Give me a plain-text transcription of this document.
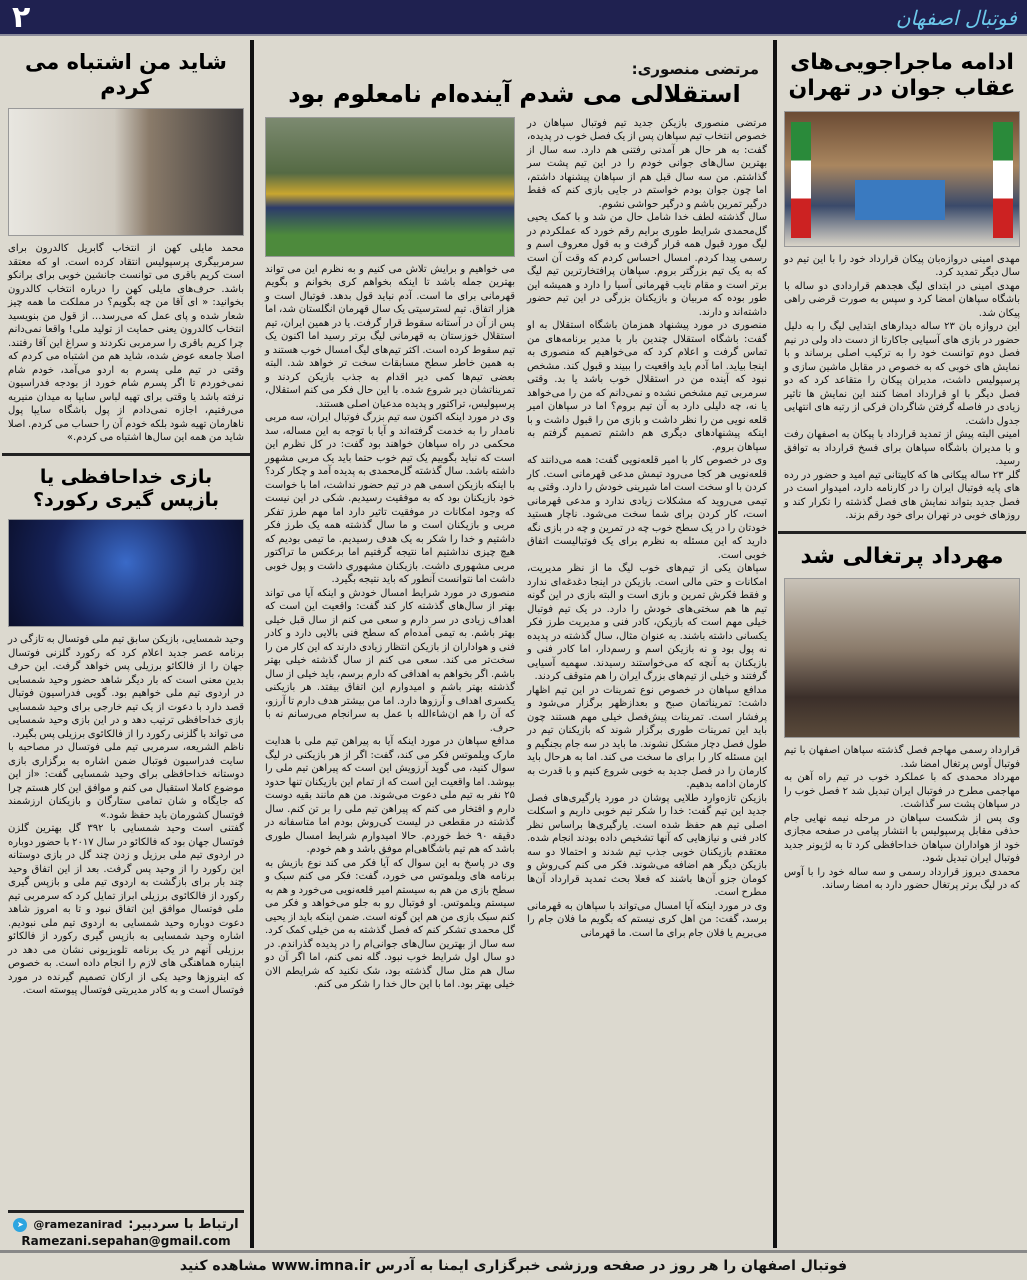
۲	فوتبال اصفهان
ادامه ماجراجویی‌های عقاب جوان در تهران

مهدی امینی دروازه‌بان پیکان قرارداد خود را با این تیم دو سال دیگر تمدید کرد.

مهدی امینی در ابتدای لیگ هجدهم قراردادی دو ساله با باشگاه سپاهان امضا کرد و سپس به صورت قرضی راهی پیکان شد.

این دروازه بان ۲۳ ساله دیدارهای ابتدایی لیگ را به دلیل حضور در بازی های آسیایی جاکارتا از دست داد ولی در نیم فصل دوم توانست خود را به ترکیب اصلی برساند و با نمایش های خوبی که به خصوص در مقابل ماشین سازی و پرسپولیس داشت، مدیران پیکان را متقاعد کرد که دو فصل دیگر با او قرارداد امضا کنند این نمایش ها تاثیر زیادی در فاصله گرفتن شاگردان فرکی از رتبه های انتهایی جدول داشت.

امینی البته پیش از تمدید قرارداد با پیکان به اصفهان رفت و با مدیران باشگاه سپاهان برای فسخ قرارداد به توافق رسید.

گلر ۲۳ ساله پیکانی ها که کاپیتانی تیم امید و حضور در رده های پایه فوتبال ایران را در کارنامه دارد، امیدوار است در فصل جدید بتواند نمایش های فصل گذشته را تکرار کند و روزهای خوبی در تهران برای خود رقم بزند.

مهرداد پرتغالی شد

قرارداد رسمی مهاجم فصل گذشته سپاهان اصفهان با تیم فوتبال آوس پرتغال امضا شد.

مهرداد محمدی که با عملکرد خوب در تیم راه آهن به مهاجمی مطرح در فوتبال ایران تبدیل شد ۲ فصل خوب را در سپاهان پشت سر گذاشت.

وی پس از شکست سپاهان در مرحله نیمه نهایی جام حذفی مقابل پرسپولیس با انتشار پیامی در صفحه مجازی خود از هواداران سپاهان خداحافظی کرد تا به لژیونر جدید فوتبال ایران تبدیل شود.

محمدی دیروز قرارداد رسمی و سه ساله خود را با آوس که در لیگ برتر پرتغال حضور دارد به امضا رساند.

مرتضی منصوری:
استقلالی می شدم آینده‌ام نامعلوم بود

مرتضی منصوری بازیکن جدید تیم فوتبال سپاهان در خصوص انتخاب تیم سپاهان پس از یک فصل خوب در پدیده، گفت: به هر حال هر آمدنی رفتنی هم دارد. سه سال از بهترین سال‌های جوانی خودم را در این تیم پشت سر گذاشتم. من سه سال قبل هم از سپاهان پیشنهاد داشتم، اما چون جوان بودم خواستم در جایی بازی کنم که فقط درگیر تمرین باشم و درگیر حواشی نشوم.

سال گذشته لطف خدا شامل حال من شد و با کمک یحیی گل‌محمدی شرایط طوری برایم رقم خورد که عملکردم در لیگ مورد قبول همه قرار گرفت و به قول معروف اسم و رسمی پیدا کردم. امسال احساس کردم که وقت آن است که به یک تیم بزرگتر بروم. سپاهان پرافتخارترین تیم لیگ برتر است و مقام نایب قهرمانی آسیا را دارد و همیشه این طور بوده که مربیان و بازیکنان بزرگی در این تیم حضور داشته‌اند و دارند.

منصوری در مورد پیشنهاد همزمان باشگاه استقلال به او گفت: باشگاه استقلال چندین بار با مدیر برنامه‌های من تماس گرفت و اعلام کرد که می‌خواهیم که منصوری به اینجا بیاید. اما آدم باید واقعیت را ببیند و قبول کند. مشخص نبود که آینده من در استقلال خوب باشد یا بد. وقتی سرمربی تیم مشخص نشده و نمی‌دانم که من را می‌خواهد یا نه، چه دلیلی دارد به آن تیم بروم؟ اما در سپاهان امیر قلعه نویی من را نظر داشت و بازی من را قبول داشت و با اینکه پیشنهادهای دیگری هم داشتم تصمیم گرفتم به سپاهان بروم.

وی در خصوص کار با امیر قلعه‌نویی گفت: همه می‌دانند که قلعه‌نویی هر کجا می‌رود تیمش مدعی قهرمانی است. کار کردن با او سخت است اما شیرینی خودش را دارد. وقتی به تیمی می‌روید که مشکلات زیادی ندارد و مدعی قهرمانی است، کار کردن برای شما سخت می‌شود. ناچار هستید خودتان را در یک سطح خوب چه در تمرین و چه در بازی نگه دارید که این مسئله به نظرم برای یک فوتبالیست اتفاق خوبی است.

سپاهان یکی از تیم‌های خوب لیگ ما از نظر مدیریت، امکانات و حتی مالی است. بازیکن در اینجا دغدغه‌ای ندارد و فقط فکرش تمرین و بازی است و البته بازی در این گونه تیم ها هم سختی‌های خودش را دارد. در یک تیم فوتبال خیلی مهم است که بازیکن، کادر فنی و مدیریت طرز فکر یکسانی داشته باشند. به عنوان مثال، سال گذشته در پدیده نه پول بود و نه بازیکن اسم و رسم‌دار، اما کادر فنی و بازیکنان به آنچه که می‌خواستند رسیدند. سهمیه آسیایی گرفتند و خیلی از تیم‌های بزرگ ایران را هم متوقف کردند.

مدافع سپاهان در خصوص نوع تمرینات در این تیم اظهار داشت: تمریناتمان صبح و بعدازظهر برگزار می‌شود و پرفشار است. تمرینات پیش‌فصل خیلی مهم هستند چون باید این تمرینات طوری برگزار شوند که بازیکنان تیم در طول فصل دچار مشکل نشوند. ما باید در سه جام بجنگیم و این مسئله کار را برای ما سخت می کند. اما به هرحال باید کارمان را در فصل جدید به خوبی شروع کنیم و با قدرت به کارمان ادامه بدهیم.

بازیکن تازه‌وارد طلایی پوشان در مورد یارگیری‌های فصل جدید این تیم گفت: خدا را شکر تیم خوبی داریم و اسکلت اصلی تیم هم حفظ شده است. یارگیری‌ها براساس نظر کادر فنی و نیازهایی که آنها تشخیص داده بودند انجام شده. معتقدم بازیکنان خوبی جذب تیم شدند و احتمالا دو سه بازیکن دیگر هم اضافه می‌شوند. فکر می کنم کی‌روش و کومان جزو آن‌ها باشند که فعلا بحث تمدید قرارداد آن‌ها مطرح است.

وی در مورد اینکه آیا امسال می‌تواند با سپاهان به قهرمانی برسد، گفت: من اهل کری نیستم که بگویم ما فلان جام را می‌بریم یا فلان جام برای ما است. ما قهرمانی

می خواهیم و برایش تلاش می کنیم و به نظرم این می تواند بهترین جمله باشد تا اینکه بخواهم کری بخوانم و بگویم قهرمانی برای ما است. آدم نباید قول بدهد. فوتبال است و هزار اتفاق. تیم لسترسیتی یک سال قهرمان انگلستان شد، اما پس از آن در آستانه سقوط قرار گرفت. یا در همین ایران، تیم استقلال خوزستان به قهرمانی لیگ برتر رسید اما اکنون یک تیم سقوط کرده است. اکثر تیم‌های لیگ امسال خوب هستند و به همین خاطر سطح مسابقات سخت تر خواهد شد. البته بعضی تیم‌ها کمی دیر اقدام به جذب بازیکن کردند و تمریناتشان دیر شروع شده. با این حال فکر می کنم استقلال، پرسپولیس، تراکتور و پدیده مدعیان اصلی هستند.

وی در مورد اینکه اکنون سه تیم بزرگ فوتبال ایران، سه مربی نامدار را به خدمت گرفته‌اند و آیا با توجه به این مساله، سد محکمی در راه سپاهان خواهند بود گفت: در کل نظرم این است که نباید بگوییم یک تیم خوب حتما باید یک مربی مشهور داشته باشد. سال گذشته گل‌محمدی به پدیده آمد و چکار کرد؟ با اینکه بازیکن اسمی هم در تیم حضور نداشت، اما با خواست خود بازیکنان بود که به موفقیت رسیدیم. شکی در این نیست که وجود امکانات در موفقیت تاثیر دارد اما مهم طرز تفکر مربی و بازیکنان است و ما سال گذشته همه یک طرز فکر داشتیم و خدا را شکر به یک هدف رسیدیم. ما تیمی بودیم که هیچ چیزی نداشتیم اما نتیجه گرفتیم اما برعکس ما تراکتور مربی مشهوری داشت. بازیکنان مشهوری داشت و پول خوبی داشت اما نتوانست آنطور که باید نتیجه بگیرد.

منصوری در مورد شرایط امسال خودش و اینکه آیا می تواند بهتر از سال‌های گذشته کار کند گفت: واقعیت این است که اهداف زیادی در سر دارم و سعی می کنم از سال قبل خیلی بهتر باشم. به تیمی آمده‌ام که سطح فنی بالایی دارد و کادر فنی و هواداران از بازیکن انتظار زیادی دارند که این کار من را سخت‌تر می کند. سعی می کنم از سال گذشته خیلی بهتر باشم. اگر بخواهم به اهدافی که دارم برسم، باید خیلی از سال گذشته بهتر باشم و امیدوارم این اتفاق بیفتد. هر بازیکنی یکسری اهداف و آرزوها دارد. اما من بیشتر هدف دارم تا آرزو، که آن را هم ان‌شاءالله با عمل به سرانجام می‌رسانم نه با حرف.

مدافع سپاهان در مورد اینکه آیا به پیراهن تیم ملی با هدایت مارک ویلموتس فکر می کند، گفت: اگر از هر بازیکنی در لیگ سوال کنید، می گوید آرزویش این است که پیراهن تیم ملی را بپوشد. اما واقعیت این است که از تمام این بازیکنان تنها حدود ۲۵ نفر به تیم ملی دعوت می‌شوند. من هم مانند بقیه دوست دارم و افتخار می کنم که پیراهن تیم ملی را بر تن کنم. سال گذشته در مقطعی در لیست کی‌روش بودم اما متاسفانه در دقیقه ۹۰ خط خوردم. حالا امیدوارم شرایط امسال طوری باشد که هم تیم باشگاهی‌ام موفق باشد و هم خودم.

وی در پاسخ به این سوال که آیا فکر می کند نوع بازیش به برنامه های ویلموتس می خورد، گفت: فکر می کنم سبک و سطح بازی من هم به سیستم امیر قلعه‌نویی می‌خورد و هم به سیستم ویلموتس. او فوتبال رو به جلو می‌خواهد و فکر می کنم سبک بازی من هم این گونه است. ضمن اینکه باید از یحیی گل محمدی تشکر کنم که فصل گذشته به من خیلی کمک کرد. سه سال از بهترین سال‌های جوانی‌ام را در پدیده گذراندم. در دو سال اول شرایط خوب نبود. گله نمی کنم، اما اگر آن دو سال هم مثل سال گذشته بود، شک نکنید که شرایطم الان خیلی بهتر بود. اما با این حال خدا را شکر می کنم.

شاید من اشتباه می کردم

محمد مایلی کهن از انتخاب گابریل کالدرون برای سرمربیگری پرسپولیس انتقاد کرده است. او که معتقد است کریم باقری می توانست جانشین خوبی برای برانکو باشد. حرف‌های مایلی کهن را درباره انتخاب کالدرون بخوانید: « ای آقا من چه بگویم؟ در مملکت ما همه چیز شعار شده و پای عمل که می‌رسد... از قول من بنویسید انتخاب کالدرون یعنی حمایت از تولید ملی! واقعا نمی‌دانم چرا کریم باقری را سرمربی نکردند و سراغ این آقا رفتند. اصلا جامعه عوض شده، شاید هم من اشتباه می کردم که وقتی در تیم ملی پسرم به اردو می‌آمد، خودم شام نمی‌خوردم تا اگر پسرم شام خورد از بودجه فدراسیون نرفته باشد یا وقتی برای تهیه لباس سایپا به میدان منیریه می‌رفتیم، اجازه نمی‌دادم از پول باشگاه سایپا پول ناهارمان تهیه شود بلکه خودم آن را حساب می کردم. اصلا شاید من همه این سال‌ها اشتباه می کردم.»

بازی خداحافظی یا بازپس گیری رکورد؟

وحید شمسایی، بازیکن سابق تیم ملی فوتسال به تازگی در برنامه عصر جدید اعلام کرد که رکورد گلزنی فوتسال جهان را از فالکائو برزیلی پس خواهد گرفت. این حرف بدین معنی است که بار دیگر شاهد حضور وحید شمسایی در اردوی تیم ملی خواهیم بود. گویی فدراسیون فوتبال قصد دارد با دعوت از یک تیم خارجی برای وحید شمسایی بازی خداحافظی ترتیب دهد و در این بازی وحید شمسایی می تواند با گلزنی رکورد را از فالکائوی برزیلی پس بگیرد.

ناظم الشریعه، سرمربی تیم ملی فوتسال در مصاحبه با سایت فدراسیون فوتبال ضمن اشاره به برگزاری بازی دوستانه خداحافظی برای وحید شمسایی گفت: «از این موضوع کاملا استقبال می کنم و موافق این کار هستم چرا که جایگاه و شان تمامی ستارگان و بازیکنان ارزشمند فوتسال کشورمان باید حفظ شود.»

گفتنی است وحید شمسایی با ۳۹۲ گل بهترین گلزن فوتسال جهان بود که فالکائو در سال ۲۰۱۷ با حضور دوباره در اردوی تیم ملی برزیل و زدن چند گل در بازی دوستانه این رکورد را از وحید پس گرفت. بعد از این اتفاق وحید چند بار برای بازگشت به اردوی تیم ملی و بازپس گیری رکورد از فالکائوی برزیلی ابراز تمایل کرد که سرمربی تیم ملی فوتسال موافق این اتفاق نبود و تا به امروز شاهد دعوت دوباره وحید شمسایی به اردوی تیم ملی نبودیم. اشاره وحید شمسایی به بازپس گیری رکورد از فالکائو برزیلی آنهم در یک برنامه تلویزیونی نشان می دهد در اینباره هماهنگی های لازم را انجام داده است. به خصوص که اینروزها وحید یکی از ارکان تصمیم گیرنده در مورد فوتسال است و به کادر مدیریتی فوتسال پیوسته است.

ارتباط با سردبیر:
@ramezanirad
➤
Ramezani.sepahan@gmail.com
فوتبال اصفهان را هر روز در صفحه ورزشی خبرگزاری ایمنا به آدرس www.imna.ir مشاهده کنید
